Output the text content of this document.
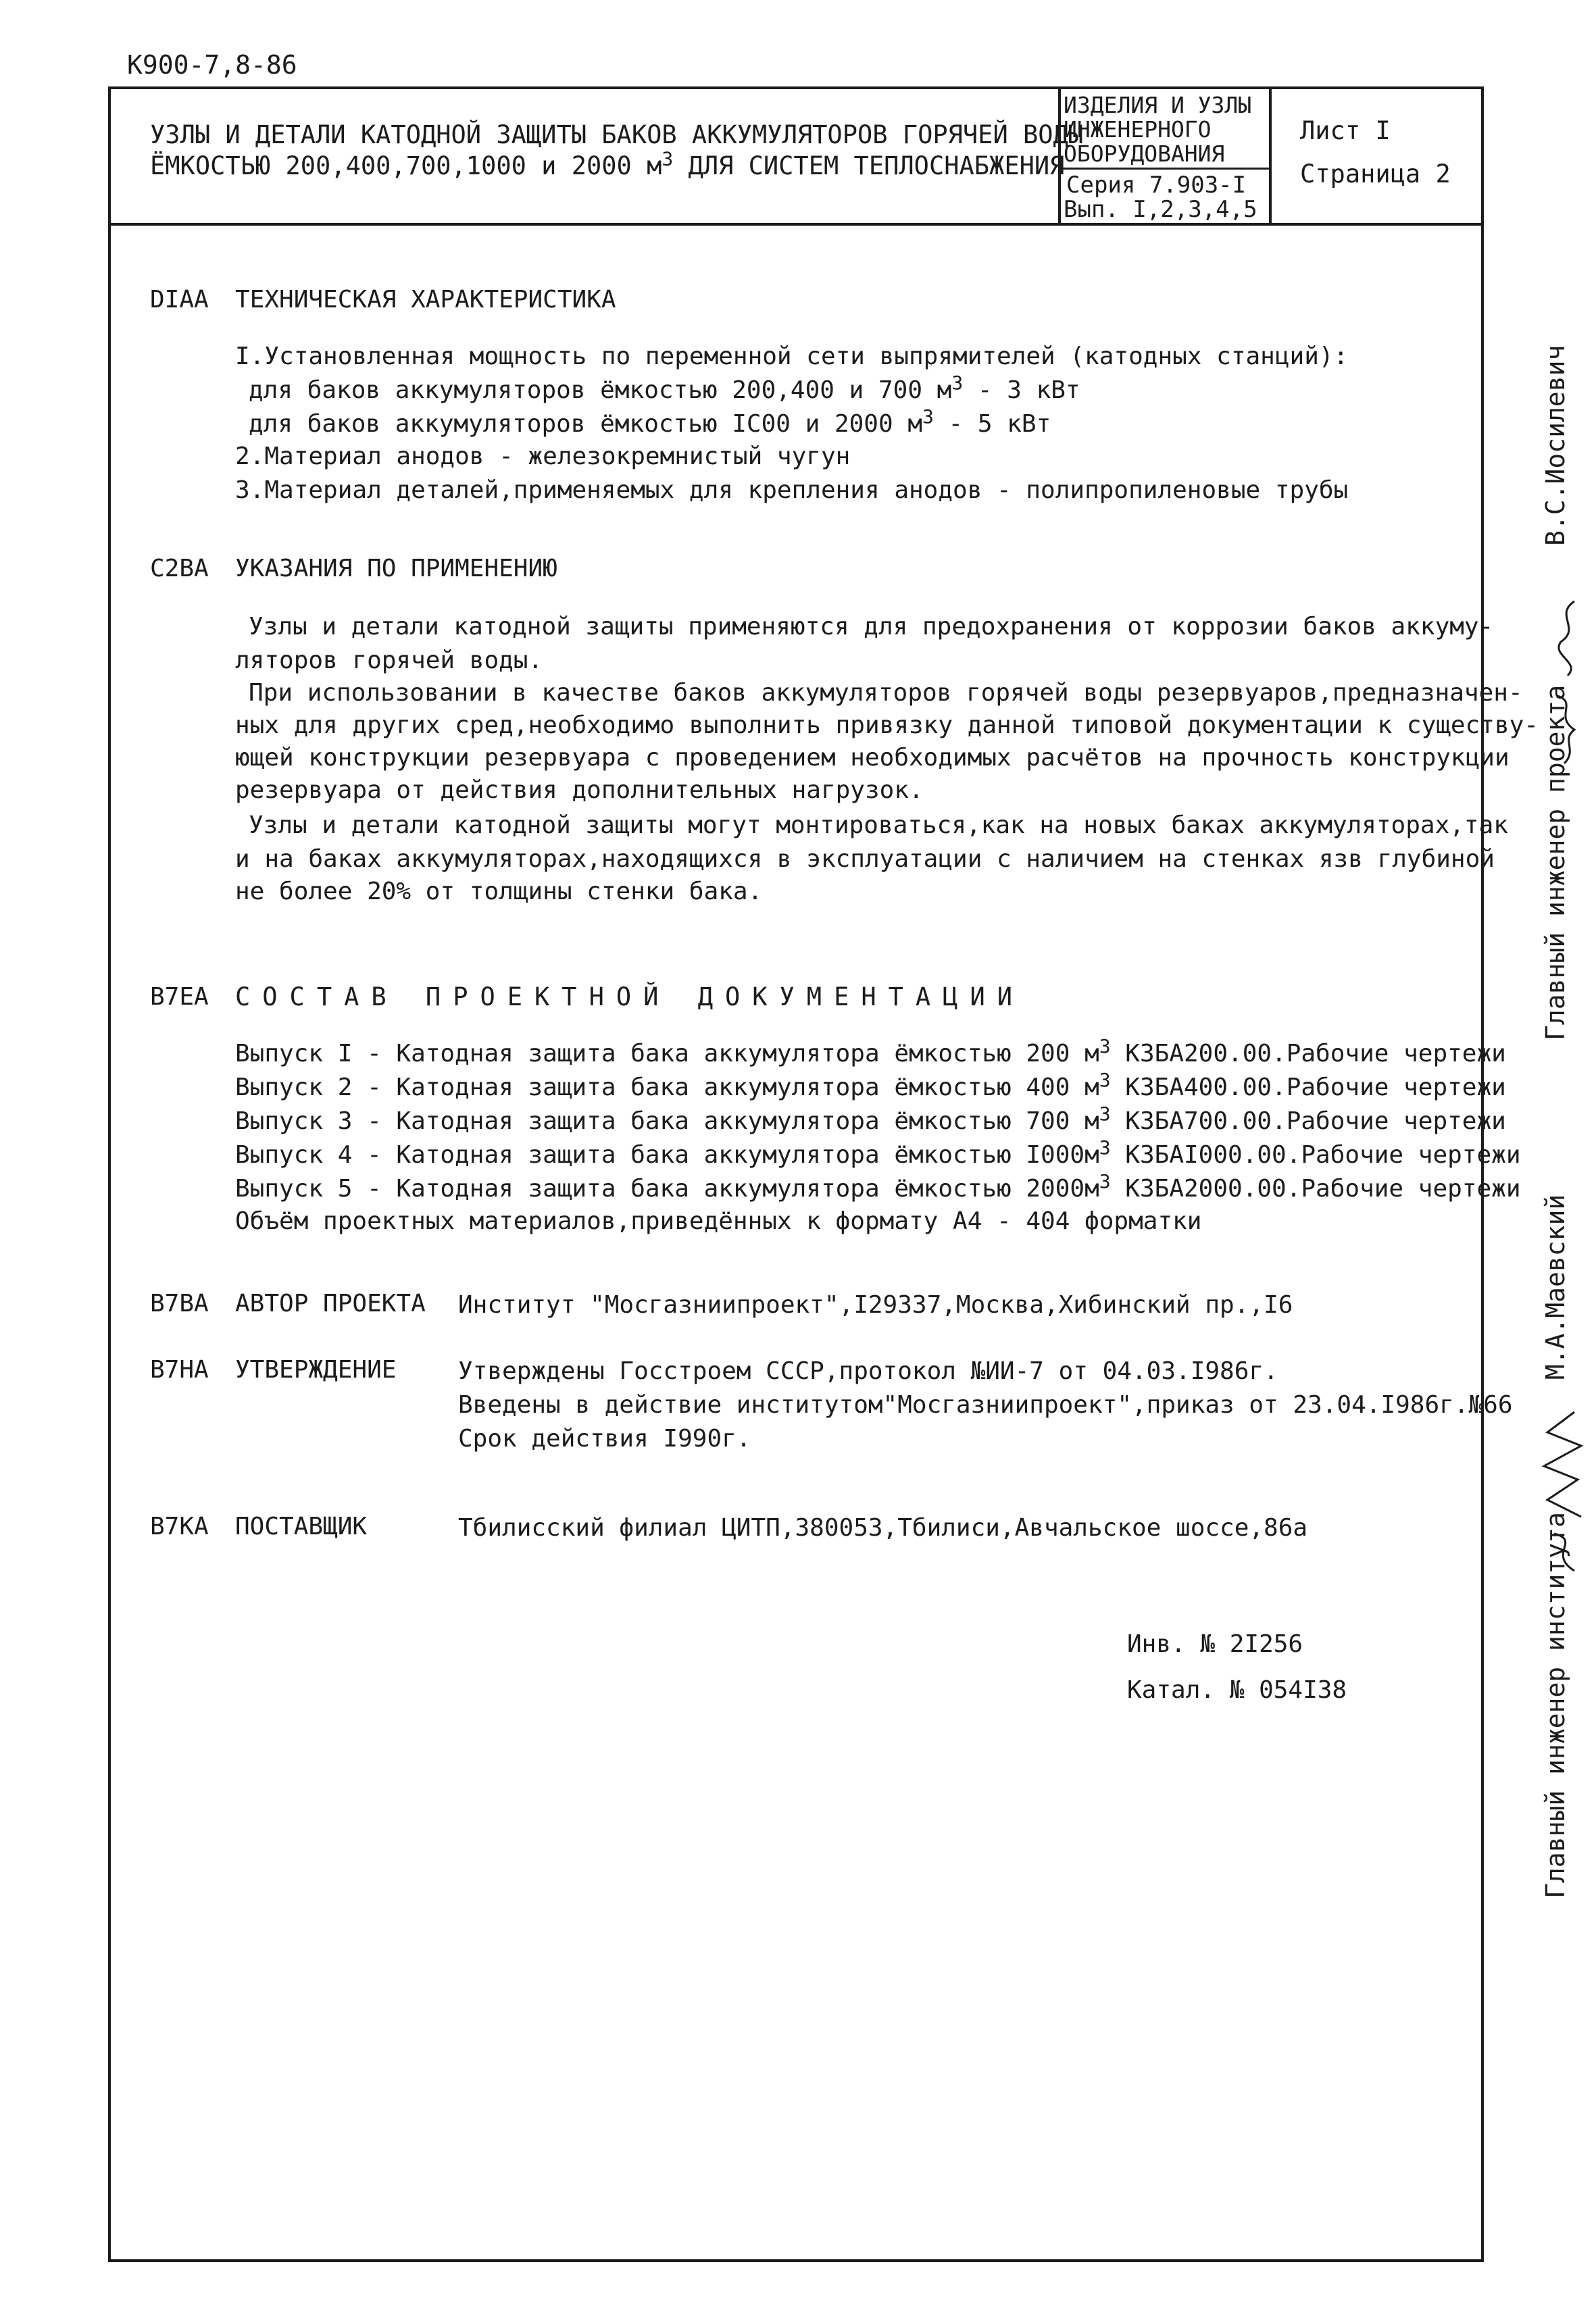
К900-7,8-86
УЗЛЫ И ДЕТАЛИ КАТОДНОЙ ЗАЩИТЫ БАКОВ АККУМУЛЯТОРОВ ГОРЯЧЕЙ ВОДЫ
ЁМКОСТЬЮ 200,400,700,1000 и 2000 $м^3$ ДЛЯ СИСТЕМ ТЕПЛОСНАБЖЕНИЯ
ИЗДЕЛИЯ И УЗЛЫ
ИНЖЕНЕРНОГО
ОБОРУДОВАНИЯ
Серия 7.903-I
Вып. I,2,3,4,5
Лист I
Страница 2
DIAA ТЕХНИЧЕСКАЯ ХАРАКТЕРИСТИКА
I.Установленная мощность по переменной сети выпрямителей (катодных станций):
для баков аккумуляторов ёмкостью 200,400 и 700 $м^3 - 3$ кВт
для баков аккумуляторов ёмкостью IC00 и 2000 $м^3 - 5$ кВт
2.Материал анодов - железокремнистый чугун
3.Материал деталей,применяемых для крепления анодов - полипропиленовые трубы
C2BA УКАЗАНИЯ ПО ПРИМЕНЕНИЮ
Узлы и детали катодной защиты применяются для предохранения от коррозии баков аккуму-
ляторов горячей воды.
При использовании в качестве баков аккумуляторов горячей воды резервуаров,предназначен-
ных для других сред,необходимо выполнить привязку данной типовой документации к существу-
ющей конструкции резервуара с проведением необходимых расчётов на прочность конструкции
резервуара от действия дополнительных нагрузок.
Узлы и детали катодной защиты могут монтироваться,как на новых баках аккумуляторах,так
и на баках аккумуляторах,находящихся в эксплуатации с наличием на стенках язв глубиной
не более 20% от толщины стенки бака.
B7EA СОСТАВ ПРОЕКТНОЙ ДОКУМЕНТАЦИИ
Выпуск I - Катодная защита бака аккумулятора ёмкостью 200 $м^3$ КЗБА200.00.Рабочие чертежи
Выпуск 2 - Катодная защита бака аккумулятора ёмкостью 400 $м^3$ КЗБА400.00.Рабочие чертежи
Выпуск 3 - Катодная защита бака аккумулятора ёмкостью 700 $м^3$ КЗБА700.00.Рабочие чертежи
Выпуск 4 - Катодная защита бака аккумулятора ёмкостью $I000м^3$ КЗБАI000.00.Рабочие чертежи
Выпуск 5 - Катодная защита бака аккумулятора ёмкостью $2000м^3$ КЗБА2000.00.Рабочие чертежи
Объём проектных материалов,приведённых к формату А4 - 404 форматки
B7BA АВТОР ПРОЕКТА Институт "Мосгазниипроект",I29337,Москва,Хибинский пр.,I6
B7HA УТВЕРЖДЕНИЕ	Утверждены Госстроем СССР,протокол №ИИ-7 от 04.03.I986г.
Введены в действие институтом"Мосгазниипроект",приказ от 23.04.I986г.№66
Срок действия I990г.
B7KA ПОСТАВЩИК	Тбилисский филиал ЦИТП,380053,Тбилиси,Авчальское шоссе,86а
Инв. № 2I256
Катал. № 054I38
Главный инженер проекта  В.С.Иосилевич
Главный инженер института  М.А.Маевский
